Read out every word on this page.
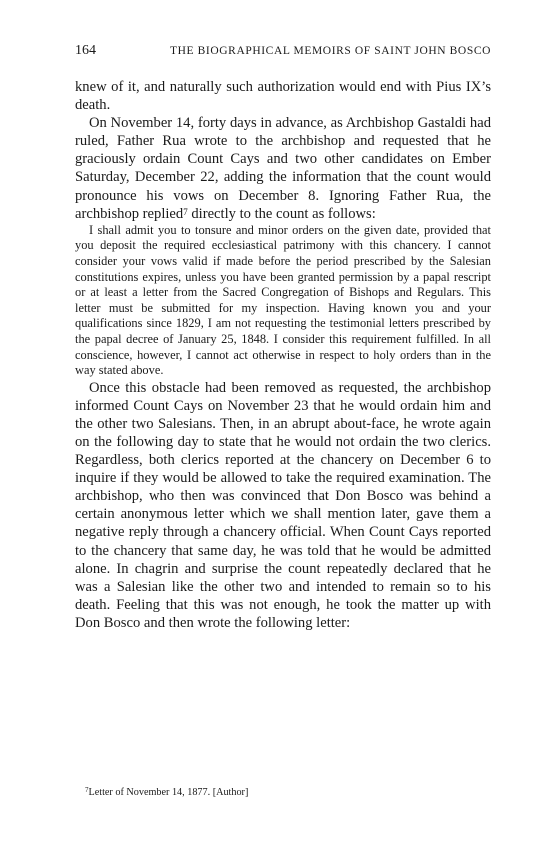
164	THE BIOGRAPHICAL MEMOIRS OF SAINT JOHN BOSCO

knew of it, and naturally such authorization would end with Pius IX’s death.

On November 14, forty days in advance, as Archbishop Gastaldi had ruled, Father Rua wrote to the archbishop and requested that he graciously ordain Count Cays and two other candidates on Ember Saturday, December 22, adding the information that the count would pronounce his vows on December 8. Ignoring Father Rua, the archbishop replied$^7$ directly to the count as follows:

I shall admit you to tonsure and minor orders on the given date, provided that you deposit the required ecclesiastical patrimony with this chancery. I cannot consider your vows valid if made before the period prescribed by the Salesian constitutions expires, unless you have been granted permission by a papal rescript or at least a letter from the Sacred Congregation of Bishops and Regulars. This letter must be submitted for my inspection. Having known you and your qualifications since 1829, I am not requesting the testimonial letters prescribed by the papal decree of January 25, 1848. I consider this requirement fulfilled. In all conscience, however, I cannot act otherwise in respect to holy orders than in the way stated above.

Once this obstacle had been removed as requested, the archbishop informed Count Cays on November 23 that he would ordain him and the other two Salesians. Then, in an abrupt about-face, he wrote again on the following day to state that he would not ordain the two clerics. Regardless, both clerics reported at the chancery on December 6 to inquire if they would be allowed to take the required examination. The archbishop, who then was convinced that Don Bosco was behind a certain anonymous letter which we shall mention later, gave them a negative reply through a chancery official. When Count Cays reported to the chancery that same day, he was told that he would be admitted alone. In chagrin and surprise the count repeatedly declared that he was a Salesian like the other two and intended to remain so to his death. Feeling that this was not enough, he took the matter up with Don Bosco and then wrote the following letter:

$^7$Letter of November 14, 1877. [Author]
